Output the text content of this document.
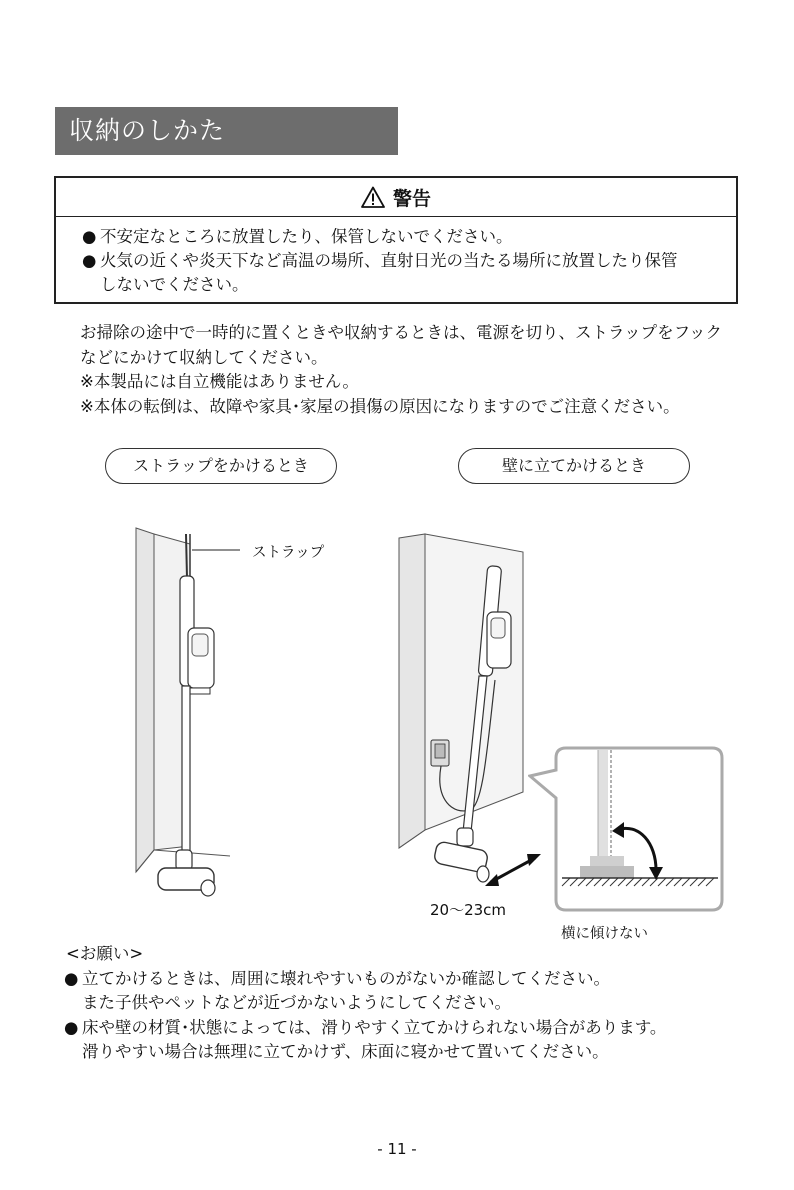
収納のしかた
警告
● 不安定なところに放置したり、保管しないでください。
● 火気の近くや炎天下など高温の場所、直射日光の当たる場所に放置したり保管
しないでください。
お掃除の途中で一時的に置くときや収納するときは、電源を切り、ストラップをフック
などにかけて収納してください。
※本製品には自立機能はありません。
※本体の転倒は、故障や家具･家屋の損傷の原因になりますのでご注意ください。
ストラップをかけるとき	壁に立てかけるとき
ストラップ
20〜23cm
横に傾けない
<お願い>
● 立てかけるときは、周囲に壊れやすいものがないか確認してください。
また子供やペットなどが近づかないようにしてください。
● 床や壁の材質･状態によっては、滑りやすく立てかけられない場合があります。
滑りやすい場合は無理に立てかけず、床面に寝かせて置いてください。
- 11 -
